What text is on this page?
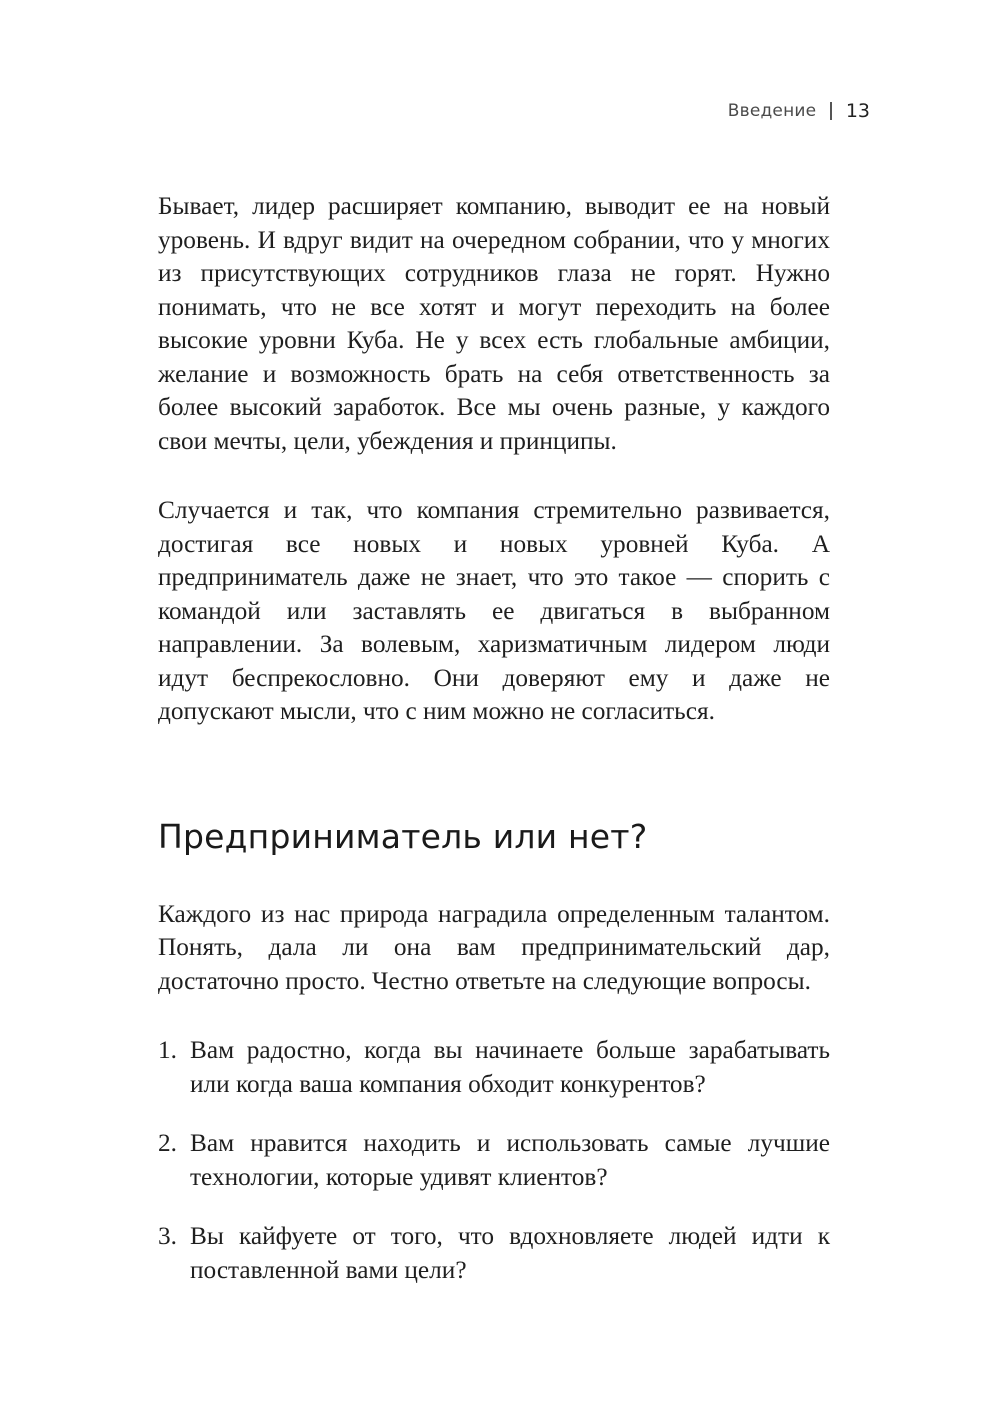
Введение 13

Бывает, лидер расширяет компанию, выводит ее на новый уровень. И вдруг видит на очередном собрании, что у многих из присутствующих сотрудников глаза не горят. Нужно понимать, что не все хотят и могут переходить на более высокие уровни Куба. Не у всех есть глобальные амбиции, желание и возможность брать на себя ответственность за более высокий заработок. Все мы очень разные, у каждого свои мечты, цели, убеждения и принципы.

Случается и так, что компания стремительно развивается, достигая все новых и новых уровней Куба. А предприниматель даже не знает, что это такое — спорить с командой или заставлять ее двигаться в выбранном направлении. За волевым, харизматичным лидером люди идут беспрекословно. Они доверяют ему и даже не допускают мысли, что с ним можно не согласиться.

Предприниматель или нет?

Каждого из нас природа наградила определенным талантом. Понять, дала ли она вам предпринимательский дар, достаточно просто. Честно ответьте на следующие вопросы.

1. Вам радостно, когда вы начинаете больше зарабатывать или когда ваша компания обходит конкурентов?
2. Вам нравится находить и использовать самые лучшие технологии, которые удивят клиентов?
3. Вы кайфуете от того, что вдохновляете людей идти к поставленной вами цели?
